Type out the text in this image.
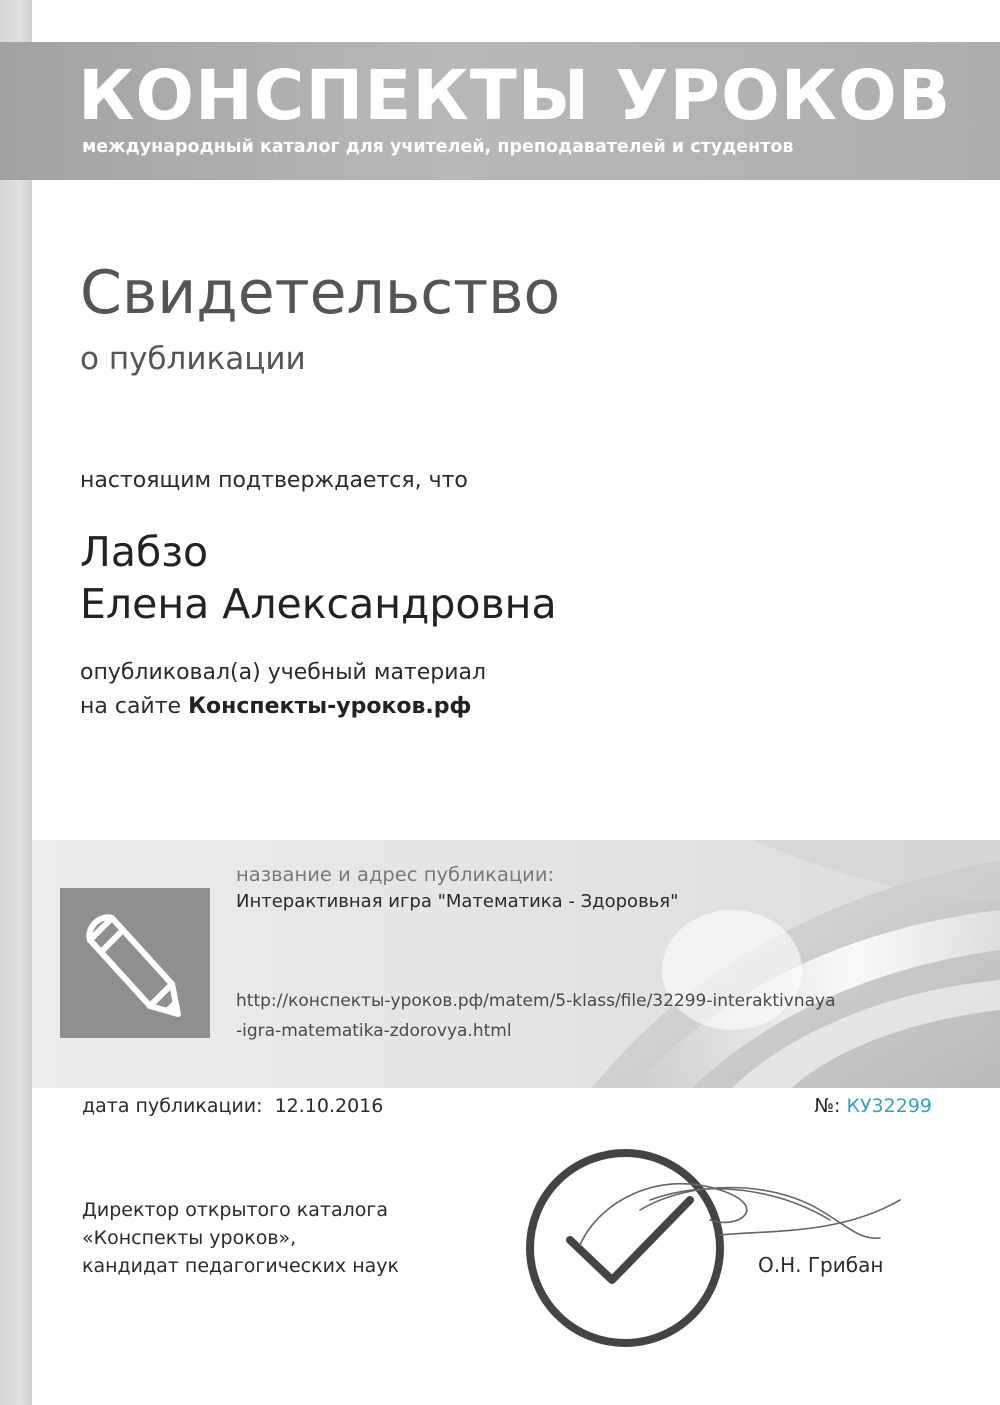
КОНСПЕКТЫ УРОКОВ
международный каталог для учителей, преподавателей и студентов
Свидетельство
о публикации
настоящим подтверждается, что
Лабзо
Елена Александровна
опубликовал(а) учебный материал
на сайте Конспекты-уроков.рф
название и адрес публикации:
Интерактивная игра "Математика - Здоровья"
http://конспекты-уроков.рф/matem/5-klass/file/32299-interaktivnaya
-igra-matematika-zdorovya.html
дата публикации: 12.10.2016	№: КУ32299
Директор открытого каталога
«Конспекты уроков»,
кандидат педагогических наук	О.Н. Грибан
